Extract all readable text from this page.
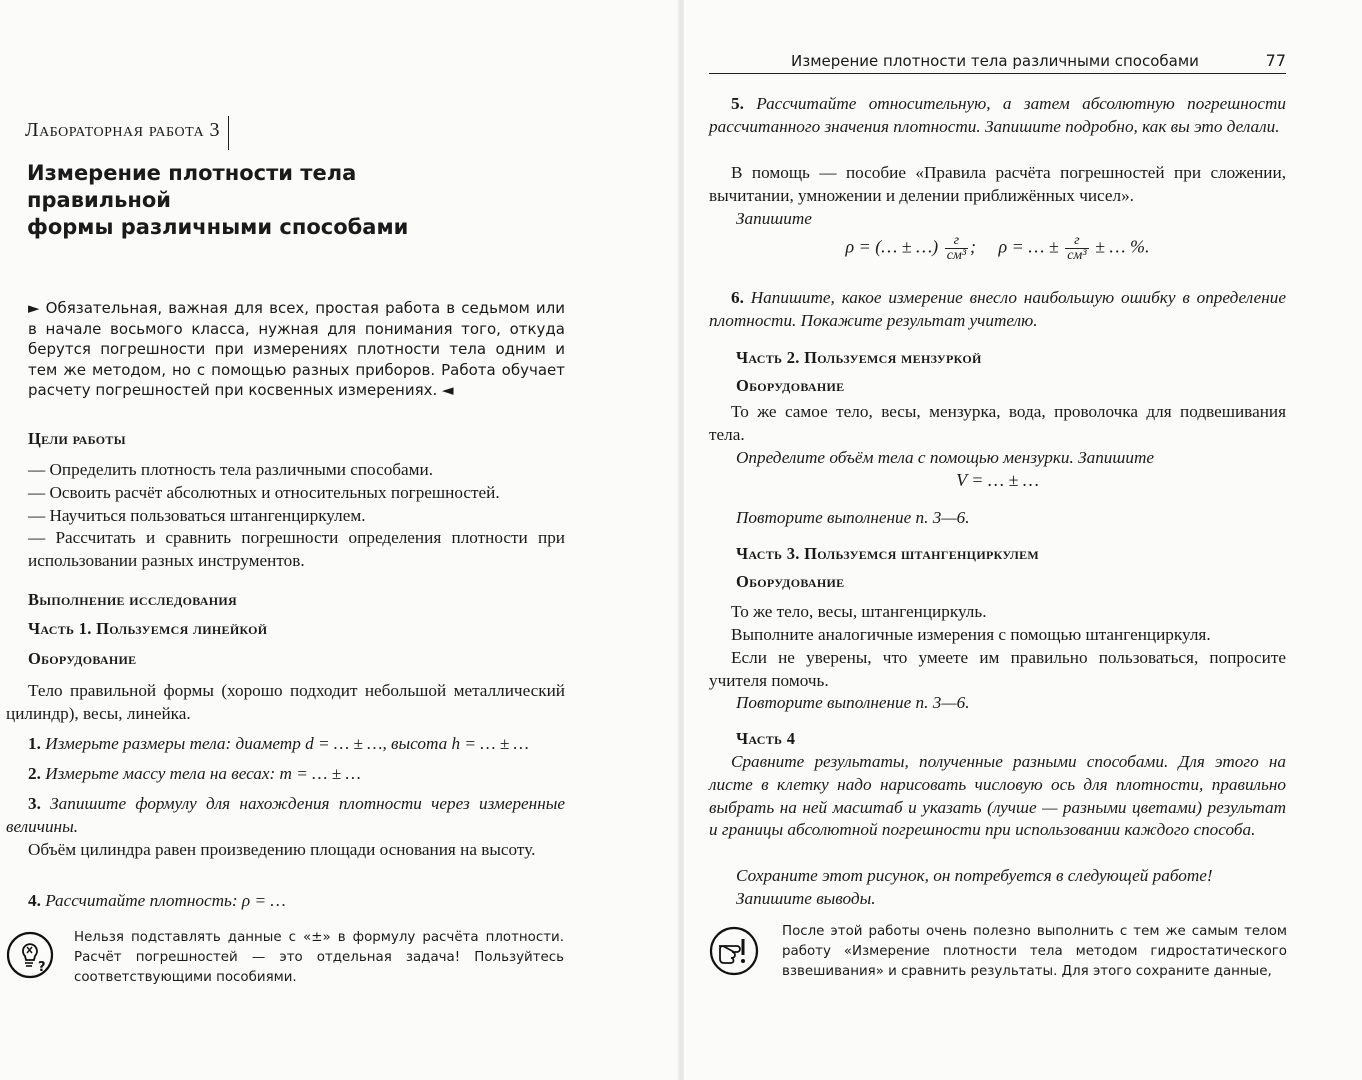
Лабораторная работа 3
Измерение плотности тела правильной
формы различными способами
► Обязательная, важная для всех, простая работа в седьмом или в начале восьмого класса, нужная для понимания того, откуда берутся погрешности при измерениях плотности тела одним и тем же методом, но с помощью разных приборов. Работа обучает расчету погрешностей при косвенных измерениях. ◄
Цели работы
— Определить плотность тела различными способами.
— Освоить расчёт абсолютных и относительных погрешностей.
— Научиться пользоваться штангенциркулем.
— Рассчитать и сравнить погрешности определения плотности при использовании разных инструментов.
Выполнение исследования
Часть 1. Пользуемся линейкой
Оборудование
Тело правильной формы (хорошо подходит небольшой металлический цилиндр), весы, линейка.
1. Измерьте размеры тела: диаметр d = … ± …, высота h = … ± …
2. Измерьте массу тела на весах: m = … ± …
3. Запишите формулу для нахождения плотности через измеренные величины.
Объём цилиндра равен произведению площади основания на высоту.
4. Рассчитайте плотность: ρ = …
?
Нельзя подставлять данные с «±» в формулу расчёта плотности. Расчёт погрешностей — это отдельная задача! Пользуйтесь соответствующими пособиями.
Измерение плотности тела различными способами	77
5. Рассчитайте относительную, а затем абсолютную погрешности рассчитанного значения плотности. Запишите подробно, как вы это делали.
В помощь — пособие «Правила расчёта погрешностей при сложении, вычитании, умножении и делении приближённых чисел».
Запишите
ρ = (… ± …) $\frac{г}{\text{см³}}$ ; ρ = … ± $\frac{г}{\text{см³}}$ ± … %.
6. Напишите, какое измерение внесло наибольшую ошибку в определение плотности. Покажите результат учителю.
Часть 2. Пользуемся мензуркой
Оборудование
То же самое тело, весы, мензурка, вода, проволочка для подвешивания тела.
Определите объём тела с помощью мензурки. Запишите
V = … ± …
Повторите выполнение п. 3—6.
Часть 3. Пользуемся штангенциркулем
Оборудование
То же тело, весы, штангенциркуль.
Выполните аналогичные измерения с помощью штангенциркуля.
Если не уверены, что умеете им правильно пользоваться, попросите учителя помочь.
Повторите выполнение п. 3—6.
Часть 4
Сравните результаты, полученные разными способами. Для этого на листе в клетку надо нарисовать числовую ось для плотности, правильно выбрать на ней масштаб и указать (лучше — разными цветами) результат и границы абсолютной погрешности при использовании каждого способа.
Сохраните этот рисунок, он потребуется в следующей работе!
Запишите выводы.
После этой работы очень полезно выполнить с тем же самым телом работу «Измерение плотности тела методом гидростатического взвешивания» и сравнить результаты. Для этого сохраните данные,
